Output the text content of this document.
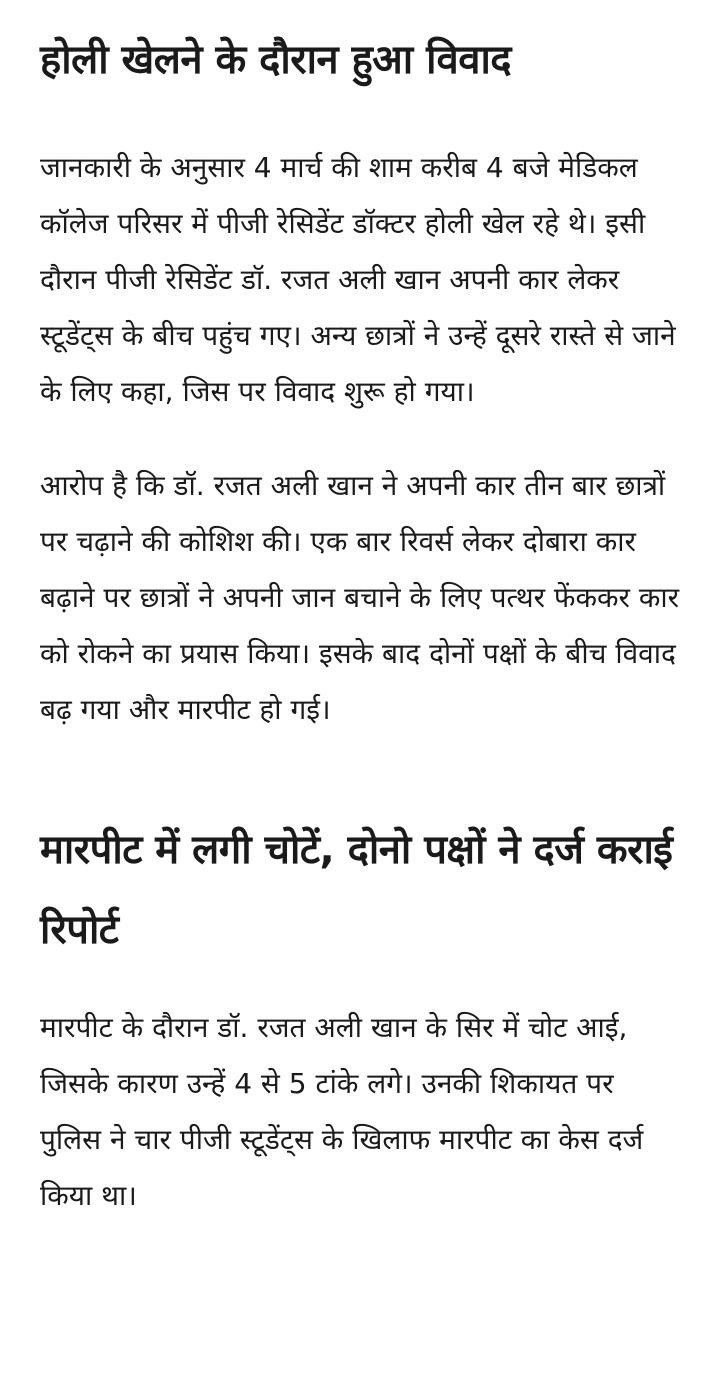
होली खेलने के दौरान हुआ विवाद

जानकारी के अनुसार 4 मार्च की शाम करीब 4 बजे मेडिकल कॉलेज परिसर में पीजी रेसिडेंट डॉक्टर होली खेल रहे थे। इसी दौरान पीजी रेसिडेंट डॉ. रजत अली खान अपनी कार लेकर स्टूडेंट्स के बीच पहुंच गए। अन्य छात्रों ने उन्हें दूसरे रास्ते से जाने के लिए कहा, जिस पर विवाद शुरू हो गया।

आरोप है कि डॉ. रजत अली खान ने अपनी कार तीन बार छात्रों पर चढ़ाने की कोशिश की। एक बार रिवर्स लेकर दोबारा कार बढ़ाने पर छात्रों ने अपनी जान बचाने के लिए पत्थर फेंककर कार को रोकने का प्रयास किया। इसके बाद दोनों पक्षों के बीच विवाद बढ़ गया और मारपीट हो गई।

मारपीट में लगी चोटें, दोनो पक्षों ने दर्ज कराई रिपोर्ट

मारपीट के दौरान डॉ. रजत अली खान के सिर में चोट आई, जिसके कारण उन्हें 4 से 5 टांके लगे। उनकी शिकायत पर पुलिस ने चार पीजी स्टूडेंट्स के खिलाफ मारपीट का केस दर्ज किया था।
